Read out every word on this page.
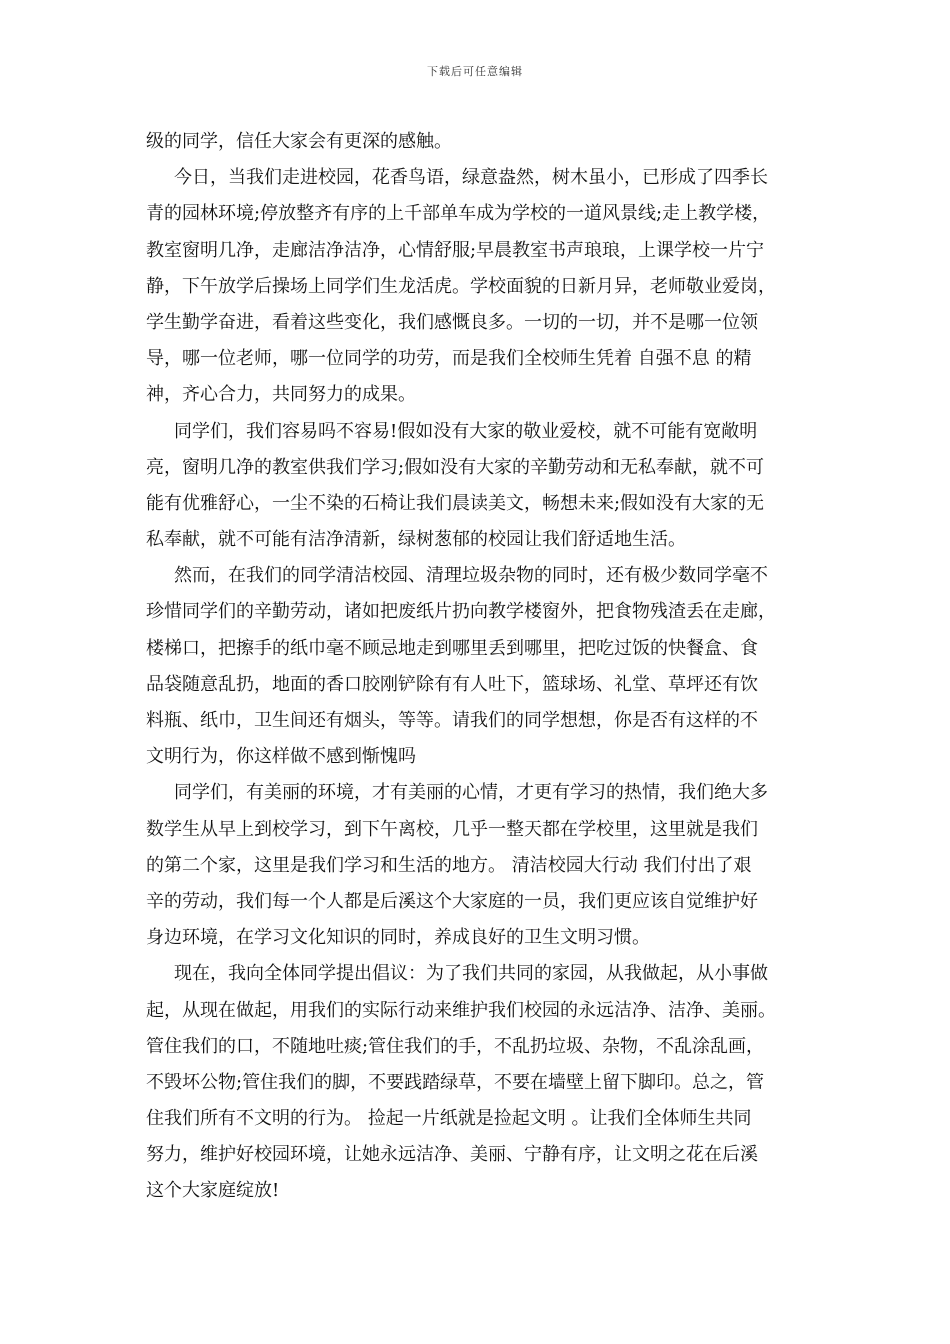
下载后可任意编辑
级的同学，信任大家会有更深的感触。
今日，当我们走进校园，花香鸟语，绿意盎然，树木虽小，已形成了四季长
青的园林环境;停放整齐有序的上千部单车成为学校的一道风景线;走上教学楼，
教室窗明几净，走廊洁净洁净，心情舒服;早晨教室书声琅琅，上课学校一片宁
静，下午放学后操场上同学们生龙活虎。学校面貌的日新月异，老师敬业爱岗，
学生勤学奋进，看着这些变化，我们感慨良多。一切的一切，并不是哪一位领
导，哪一位老师，哪一位同学的功劳，而是我们全校师生凭着 自强不息 的精
神，齐心合力，共同努力的成果。
同学们，我们容易吗不容易!假如没有大家的敬业爱校，就不可能有宽敞明
亮，窗明几净的教室供我们学习;假如没有大家的辛勤劳动和无私奉献，就不可
能有优雅舒心，一尘不染的石椅让我们晨读美文，畅想未来;假如没有大家的无
私奉献，就不可能有洁净清新，绿树葱郁的校园让我们舒适地生活。
然而，在我们的同学清洁校园、清理垃圾杂物的同时，还有极少数同学毫不
珍惜同学们的辛勤劳动，诸如把废纸片扔向教学楼窗外，把食物残渣丢在走廊，
楼梯口，把擦手的纸巾毫不顾忌地走到哪里丢到哪里，把吃过饭的快餐盒、食
品袋随意乱扔，地面的香口胶刚铲除有有人吐下，篮球场、礼堂、草坪还有饮
料瓶、纸巾，卫生间还有烟头，等等。请我们的同学想想，你是否有这样的不
文明行为，你这样做不感到惭愧吗
同学们，有美丽的环境，才有美丽的心情，才更有学习的热情，我们绝大多
数学生从早上到校学习，到下午离校，几乎一整天都在学校里，这里就是我们
的第二个家，这里是我们学习和生活的地方。 清洁校园大行动 我们付出了艰
辛的劳动，我们每一个人都是后溪这个大家庭的一员，我们更应该自觉维护好
身边环境，在学习文化知识的同时，养成良好的卫生文明习惯。
现在，我向全体同学提出倡议：为了我们共同的家园，从我做起，从小事做
起，从现在做起，用我们的实际行动来维护我们校园的永远洁净、洁净、美丽。
管住我们的口，不随地吐痰;管住我们的手，不乱扔垃圾、杂物，不乱涂乱画，
不毁坏公物;管住我们的脚，不要践踏绿草，不要在墙壁上留下脚印。总之，管
住我们所有不文明的行为。 捡起一片纸就是捡起文明 。让我们全体师生共同
努力，维护好校园环境，让她永远洁净、美丽、宁静有序，让文明之花在后溪
这个大家庭绽放!
